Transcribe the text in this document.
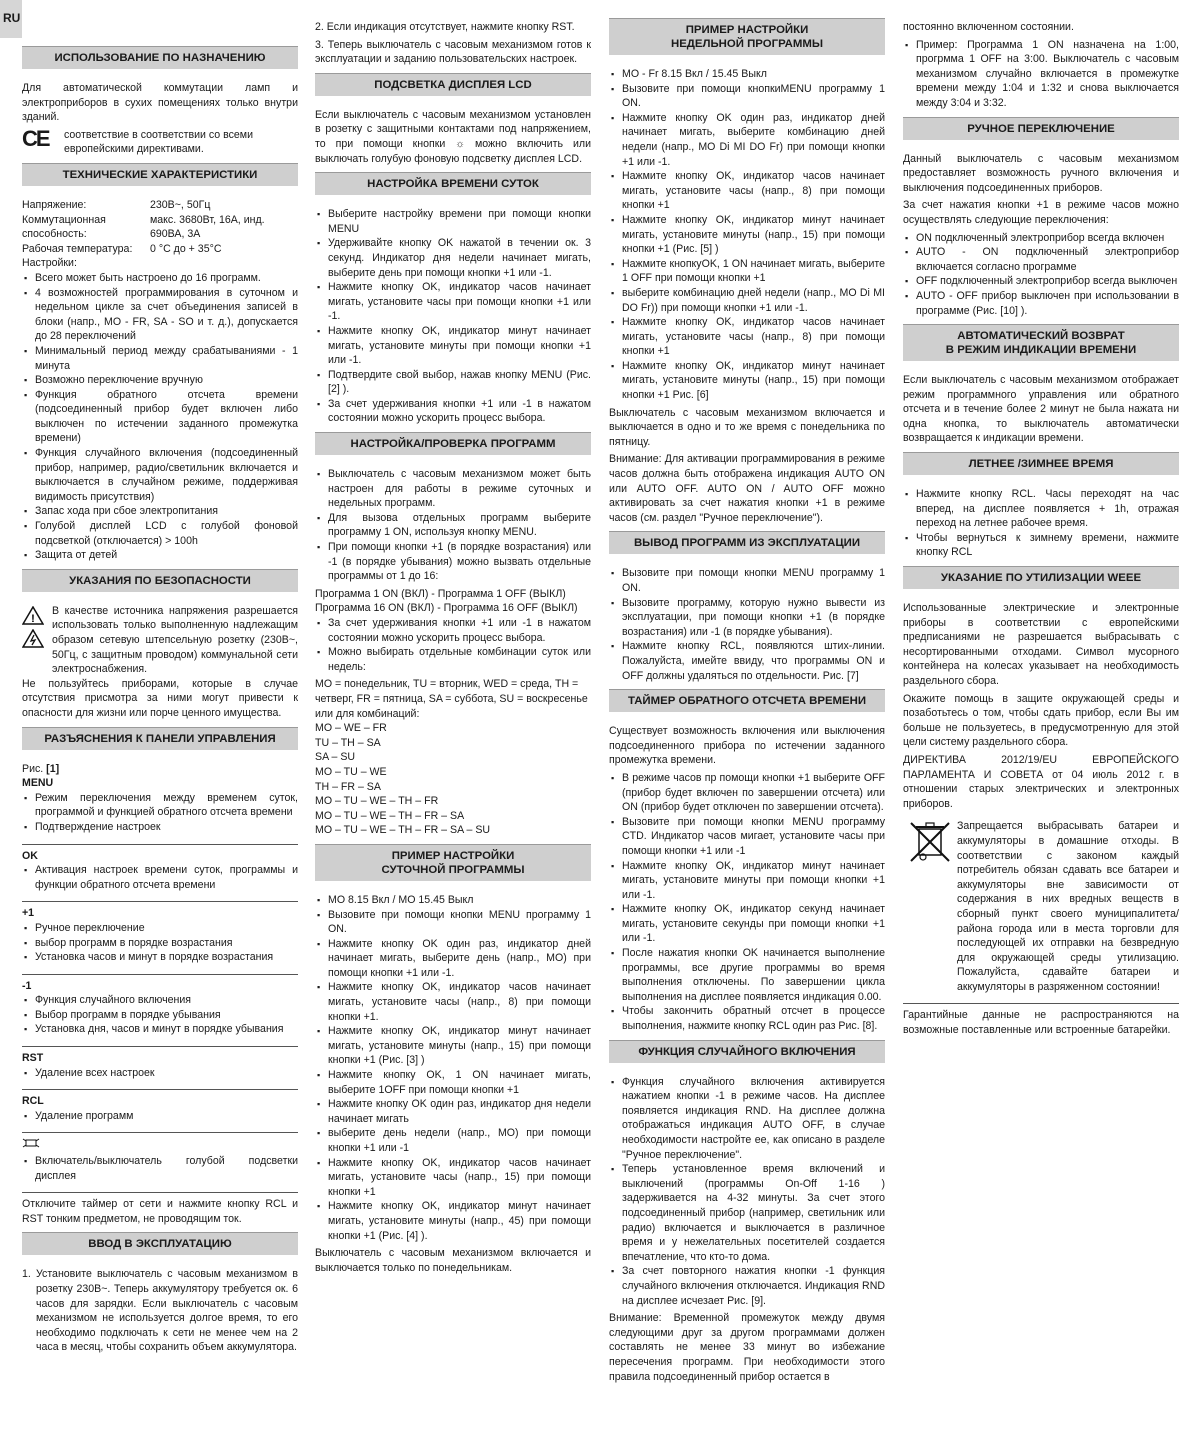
RU
ИСПОЛЬЗОВАНИЕ ПО НАЗНАЧЕНИЮ

Для автоматической коммутации ламп и электроприборов в сухих помещениях только внутри зданий.

CE	соответствие в соответствии со всеми европейскими директивами.
ТЕХНИЧЕСКИЕ ХАРАКТЕРИСТИКИ
Напряжение:	230В~, 50Гц
Коммутационная способность:
макс. 3680Вт, 16А, инд. 690ВА, 3А
Рабочая температура:	0 °C до + 35°C
Настройки:
▪ Всего может быть настроено до 16 программ.
▪ 4 возможностей программирования в суточном и недельном цикле за счет объединения записей в блоки (напр., MO - FR, SA - SO и т. д.), допускается до 28 переключений
▪ Минимальный период между срабатываниями - 1 минута
▪ Возможно переключение вручную
▪ Функция обратного отсчета времени (подсоединенный прибор будет включен либо выключен по истечении заданного промежутка времени)
▪ Функция случайного включения (подсоединенный прибор, например, радио/светильник включается и выключается в случайном режиме, поддерживая видимость присутствия)
▪ Запас хода при сбое электропитания
▪ Голубой дисплей LCD с голубой фоновой подсветкой (отключается) > 100h
▪ Защита от детей
УКАЗАНИЯ ПО БЕЗОПАСНОСТИ
!

В качестве источника напряжения разрешается использовать только выполненную надлежащим образом сетевую штепсельную розетку (230В~, 50Гц, с защитным проводом) коммунальной сети электроснабжения.

Не пользуйтесь приборами, которые в случае отсутствия присмотра за ними могут привести к опасности для жизни или порче ценного имущества.

РАЗЪЯСНЕНИЯ К ПАНЕЛИ УПРАВЛЕНИЯ
Рис. [1]
MENU
▪ Режим переключения между временем суток, программой и функцией обратного отсчета времени
▪ Подтверждение настроек
OK
▪ Активация настроек времени суток, программы и функции обратного отсчета времени
+1
▪ Ручное переключение
▪ выбор программ в порядке возрастания
▪ Установка часов и минут в порядке возрастания
-1
▪ Функция случайного включения
▪ Выбор программ в порядке убывания
▪ Установка дня, часов и минут в порядке убывания
RST
▪ Удаление всех настроек
RCL
▪ Удаление программ
▪ Включатель/выключатель голубой подсветки дисплея

Отключите таймер от сети и нажмите кнопку RCL и RST тонким предметом, не проводящим ток.

ВВОД В ЭКСПЛУАТАЦИЮ
1. Установите выключатель с часовым механизмом в розетку 230В~. Теперь аккумулятору требуется ок. 6 часов для зарядки. Если выключатель с часовым механизмом не используется долгое время, то его необходимо подключать к сети не менее чем на 2 часа в месяц, чтобы сохранить объем аккумулятора.

2. Если индикация отсутствует, нажмите кнопку RST.

3. Теперь выключатель с часовым механизмом готов к эксплуатации и заданию пользовательских настроек.

ПОДСВЕТКА ДИСПЛЕЯ LCD

Если выключатель с часовым механизмом установлен в розетку с защитными контактами под напряжением, то при помощи кнопки ☼ можно включить или выключать голубую фоновую подсветку дисплея LCD.

НАСТРОЙКА ВРЕМЕНИ СУТОК
▪ Выберите настройку времени при помощи кнопки MENU
▪ Удерживайте кнопку OK нажатой в течении ок. 3 секунд. Индикатор дня недели начинает мигать, выберите день при помощи кнопки +1 или -1.
▪ Нажмите кнопку OK, индикатор часов начинает мигать, установите часы при помощи кнопки +1 или -1.
▪ Нажмите кнопку OK, индикатор минут начинает мигать, установите минуты при помощи кнопки +1 или -1.
▪ Подтвердите свой выбор, нажав кнопку MENU (Рис. [2] ).
▪ За счет удерживания кнопки +1 или -1 в нажатом состоянии можно ускорить процесс выбора.
НАСТРОЙКА/ПРОВЕРКА ПРОГРАММ
▪ Выключатель с часовым механизмом может быть настроен для работы в режиме суточных и недельных программ.
▪ Для вызова отдельных программ выберите программу 1 ON, используя кнопку MENU.
▪ При помощи кнопки +1 (в порядке возрастания) или -1 (в порядке убывания) можно вызвать отдельные программы от 1 до 16:
Программа 1 ON (ВКЛ) - Программа 1 OFF (ВЫКЛ)
Программа 16 ON (ВКЛ) - Программа 16 OFF (ВЫКЛ)
▪ За счет удерживания кнопки +1 или -1 в нажатом состоянии можно ускорить процесс выбора.
▪ Можно выбирать отдельные комбинации суток или недель:
MO = понедельник, TU = вторник, WED = среда, TH = четверг, FR = пятница, SA = суббота, SU = воскресенье
или для комбинаций:
MO – WE – FR
TU – TH – SA
SA – SU
MO – TU – WE
TH – FR – SA
MO – TU – WE – TH – FR
MO – TU – WE – TH – FR – SA
MO – TU – WE – TH – FR – SA – SU
ПРИМЕР НАСТРОЙКИ
СУТОЧНОЙ ПРОГРАММЫ
▪ MO 8.15 Вкл / MO 15.45 Выкл
▪ Вызовите при помощи кнопки MENU программу 1 ON.
▪ Нажмите кнопку OK один раз, индикатор дней начинает мигать, выберите день (напр., MO) при помощи кнопки +1 или -1.
▪ Нажмите кнопку OK, индикатор часов начинает мигать, установите часы (напр., 8) при помощи кнопки +1.
▪ Нажмите кнопку OK, индикатор минут начинает мигать, установите минуты (напр., 15) при помощи кнопки +1 (Рис. [3] )
▪ Нажмите кнопку OK, 1 ON начинает мигать, выберите 1OFF при помощи кнопки +1
▪ Нажмите кнопку OK один раз, индикатор дня недели начинает мигать
▪ выберите день недели (напр., MO) при помощи кнопки +1 или -1
▪ Нажмите кнопку OK, индикатор часов начинает мигать, установите часы (напр., 15) при помощи кнопки +1
▪ Нажмите кнопку OK, индикатор минут начинает мигать, установите минуты (напр., 45) при помощи кнопки +1 (Рис. [4] ).

Выключатель с часовым механизмом включается и выключается только по понедельникам.

ПРИМЕР НАСТРОЙКИ
НЕДЕЛЬНОЙ ПРОГРАММЫ
▪ MO - Fr 8.15 Вкл / 15.45 Выкл
▪ Вызовите при помощи кнопкиMENU программу 1 ON.
▪ Нажмите кнопку OK один раз, индикатор дней начинает мигать, выберите комбинацию дней недели (напр., MO Di MI DO Fr) при помощи кнопки +1 или -1.
▪ Нажмите кнопку OK, индикатор часов начинает мигать, установите часы (напр., 8) при помощи кнопки +1
▪ Нажмите кнопку OK, индикатор минут начинает мигать, установите минуты (напр., 15) при помощи кнопки +1 (Рис. [5] )
▪ Нажмите кнопкуOK, 1 ON начинает мигать, выберите 1 OFF при помощи кнопки +1
▪ выберите комбинацию дней недели (напр., MO Di MI DO Fr)) при помощи кнопки +1 или -1.
▪ Нажмите кнопку OK, индикатор часов начинает мигать, установите часы (напр., 8) при помощи кнопки +1
▪ Нажмите кнопку OK, индикатор минут начинает мигать, установите минуты (напр., 15) при помощи кнопки +1 Рис. [6]

Выключатель с часовым механизмом включается и выключается в одно и то же время с понедельника по пятницу.

Внимание: Для активации программирования в режиме часов должна быть отображена индикация AUTO ON или AUTO OFF. AUTO ON / AUTO OFF можно активировать за счет нажатия кнопки +1 в режиме часов (см. раздел "Ручное переключение").

ВЫВОД ПРОГРАММ ИЗ ЭКСПЛУАТАЦИИ
▪ Вызовите при помощи кнопки MENU программу 1 ON.
▪ Вызовите программу, которую нужно вывести из эксплуатации, при помощи кнопки +1 (в порядке возрастания) или -1 (в порядке убывания).
▪ Нажмите кнопку RCL, появляются штих-линии. Пожалуйста, имейте ввиду, что программы ON и OFF должны удаляться по отдельности. Рис. [7]
ТАЙМЕР ОБРАТНОГО ОТСЧЕТА ВРЕМЕНИ

Существует возможность включения или выключения подсоединенного прибора по истечении заданного промежутка времени.

▪ В режиме часов пр помощи кнопки +1 выберите OFF (прибор будет включен по завершении отсчета) или ON (прибор будет отключен по завершении отсчета).
▪ Вызовите при помощи кнопки MENU программу CTD. Индикатор часов мигает, установите часы при помощи кнопки +1 или -1
▪ Нажмите кнопку OK, индикатор минут начинает мигать, установите минуты при помощи кнопки +1 или -1.
▪ Нажмите кнопку OK, индикатор секунд начинает мигать, установите секунды при помощи кнопки +1 или -1.
▪ После нажатия кнопки OK начинается выполнение программы, все другие программы во время выполнения отключены. По завершении цикла выполнения на дисплее появляется индикация 0.00.
▪ Чтобы закончить обратный отсчет в процессе выполнения, нажмите кнопку RCL один раз Рис. [8].
ФУНКЦИЯ СЛУЧАЙНОГО ВКЛЮЧЕНИЯ
▪ Функция случайного включения активируется нажатием кнопки -1 в режиме часов. На дисплее появляется индикация RND. На дисплее должна отображаться индикация AUTO OFF, в случае необходимости настройте ее, как описано в разделе "Ручное переключение".
▪ Теперь установленное время включений и выключений (программы On-Off 1-16 ) задерживается на 4-32 минуты. За счет этого подсоединенный прибор (например, светильник или радио) включается и выключается в различное время и у нежелательных посетителей создается впечатление, что кто-то дома.
▪ За счет повторного нажатия кнопки -1 функция случайного включения отключается. Индикация RND на дисплее исчезает Рис. [9].

Внимание: Временной промежуток между двумя следующими друг за другом программами должен составлять не менее 33 минут во избежание пересечения программ. При необходимости этого правила подсоединенный прибор остается в

постоянно включенном состоянии.

▪ Пример: Программа 1 ON назначена на 1:00, прогрмма 1 OFF на 3:00. Выключатель с часовым механизмом случайно включается в промежутке времени между 1:04 и 1:32 и снова выключается между 3:04 и 3:32.
РУЧНОЕ ПЕРЕКЛЮЧЕНИЕ

Данный выключатель с часовым механизмом предоставляет возможность ручного включения и выключения подсоединенных приборов.

За счет нажатия кнопки +1 в режиме часов можно осуществлять следующие переключения:

▪ ON подключенный электроприбор всегда включен
▪ AUTO - ON подключенный электроприбор включается согласно программе
▪ OFF подключенный электроприбор всегда выключен
▪ AUTO - OFF прибор выключен при использовании в программе (Рис. [10] ).
АВТОМАТИЧЕСКИЙ ВОЗВРАТ
В РЕЖИМ ИНДИКАЦИИ ВРЕМЕНИ

Если выключатель с часовым механизмом отображает режим программного управления или обратного отсчета и в течение более 2 минут не была нажата ни одна кнопка, то выключатель автоматически возвращается к индикации времени.

ЛЕТНЕЕ /ЗИМНЕЕ ВРЕМЯ
▪ Нажмите кнопку RCL. Часы переходят на час вперед, на дисплее появляется + 1h, отражая переход на летнее рабочее время.
▪ Чтобы вернуться к зимнему времени, нажмите кнопку RCL
УКАЗАНИЕ ПО УТИЛИЗАЦИИ WEEE

Использованные электрические и электронные приборы в соответствии с европейскими предписаниями не разрешается выбрасывать с несортированными отходами. Символ мусорного контейнера на колесах указывает на необходимость раздельного сбора.

Окажите помощь в защите окружающей среды и позаботьтесь о том, чтобы сдать прибор, если Вы им больше не пользуетесь, в предусмотренную для этой цели систему раздельного сбора.

ДИРЕКТИВА 2012/19/EU ЕВРОПЕЙСКОГО ПАРЛАМЕНТА И СОВЕТА от 04 июль 2012 г. в отношении старых электрических и электронных приборов.

Запрещается выбрасывать батареи и аккумуляторы в домашние отходы. В соответствии с законом каждый потребитель обязан сдавать все батареи и аккумуляторы вне зависимости от содержания в них вредных веществ в сборный пункт своего муниципалитета/ района города или в места торговли для последующей их отправки на безвредную для окружающей среды утилизацию. Пожалуйста, сдавайте батареи и аккумуляторы в разряженном состоянии!

Гарантийные данные не распространяются на возможные поставленные или встроенные батарейки.
